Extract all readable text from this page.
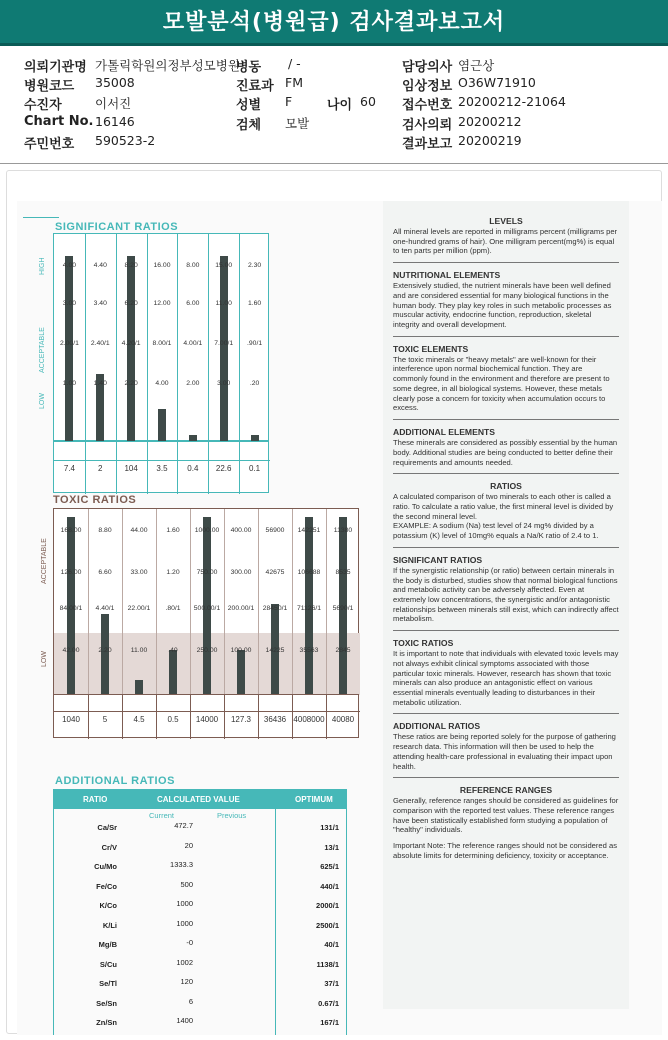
모발분석(병원급) 검사결과보고서
의뢰기관명 가톨릭학원의정부성모병원
병동 / -	담당의사 염근상
병원코드 35008	진료과 FM	임상정보 O36W71910
수진자	이서진	성별 F	나이 60 접수번호 20200212-21064
Chart No. 16146	검체 모발	검사의뢰 20200212
주민번호 590523-2	결과보고 20200219
SIGNIFICANT RATIOS
4.00
3.00
2.00/1
1.00
4.40
3.40
2.40/1
1.40
8.20
6.20
4.20/1
2.20
16.00
12.00
8.00/1
4.00
8.00
6.00
4.00/1
2.00
15.00
11.00
7.00/1
3.00
2.30
1.60
.90/1
.20
HIGH
ACCEPTABLE
LOW
7.4	2	104	3.5	0.4	22.6	0.1
TOXIC RATIOS
168.00
126.00
84.00/1
42.00
8.80
6.60
4.40/1
2.20
44.00
33.00
22.00/1
11.00
1.60
1.20
.80/1
.40
1000.00
750.00
500.00/1
250.00
400.00
300.00
200.00/1
100.00
56900
42675
28450/1
14225
142251
106688
71126/1
35563
11380
8535
5690/1
2845
ACCEPTABLE
LOW
1040	5	4.5	0.5	14000	127.3	36436 4008000 40080
ADDITIONAL RATIOS
RATIO	CALCULATED VALUE	OPTIMUM
Current	Previous
Ca/Sr	472.7	131/1
Cr/V	20	13/1
Cu/Mo	1333.3	625/1
Fe/Co	500	440/1
K/Co	1000	2000/1
K/Li	1000	2500/1
Mg/B	-0	40/1
S/Cu	1002	1138/1
Se/Tl	120	37/1
Se/Sn	6	0.67/1
Zn/Sn	1400	167/1
LEVELS
All mineral levels are reported in milligrams percent (milligrams per one-hundred grams of hair). One milligram percent(mg%) is equal to ten parts per million (ppm).
NUTRITIONAL ELEMENTS
Extensively studied, the nutrient minerals have been well defined and are considered essential for many biological functions in the human body. They play key roles in such metabolic processes as muscular activity, endocrine function, reproduction, skeletal integrity and overall development.
TOXIC ELEMENTS
The toxic minerals or "heavy metals" are well-known for their interference upon normal biochemical function. They are commonly found in the environment and therefore are present to some degree, in all biological systems. However, these metals clearly pose a concern for toxicity when accumulation occurs to excess.
ADDITIONAL ELEMENTS
These minerals are considered as possibly essential by the human body. Additional studies are being conducted to better define their requirements and amounts needed.
RATIOS
A calculated comparison of two minerals to each other is called a ratio. To calculate a ratio value, the first mineral level is divided by the second mineral level.
EXAMPLE: A sodium (Na) test level of 24 mg% divided by a potassium (K) level of 10mg% equals a Na/K ratio of 2.4 to 1.
SIGNIFICANT RATIOS
If the synergistic relationship (or ratio) between certain minerals in the body is disturbed, studies show that normal biological functions and metabolic activity can be adversely affected. Even at extremely low concentrations, the synergistic and/or antagonistic relationships between minerals still exist, which can indirectly affect metabolism.
TOXIC RATIOS
It is important to note that individuals with elevated toxic levels may not always exhibit clinical symptoms associated with those particular toxic minerals. However, research has shown that toxic minerals can also produce an antagonistic effect on various essential minerals eventually leading to disturbances in their metabolic utilization.
ADDITIONAL RATIOS
These ratios are being reported solely for the purpose of gathering research data. This information will then be used to help the attending health-care professional in evaluating their impact upon health.
REFERENCE RANGES
Generally, reference ranges should be considered as guidelines for comparison with the reported test values. These reference ranges have been statistically established form studying a population of "healthy" individuals.
Important Note: The reference ranges should not be considered as absolute limits for determining deficiency, toxicity or acceptance.
